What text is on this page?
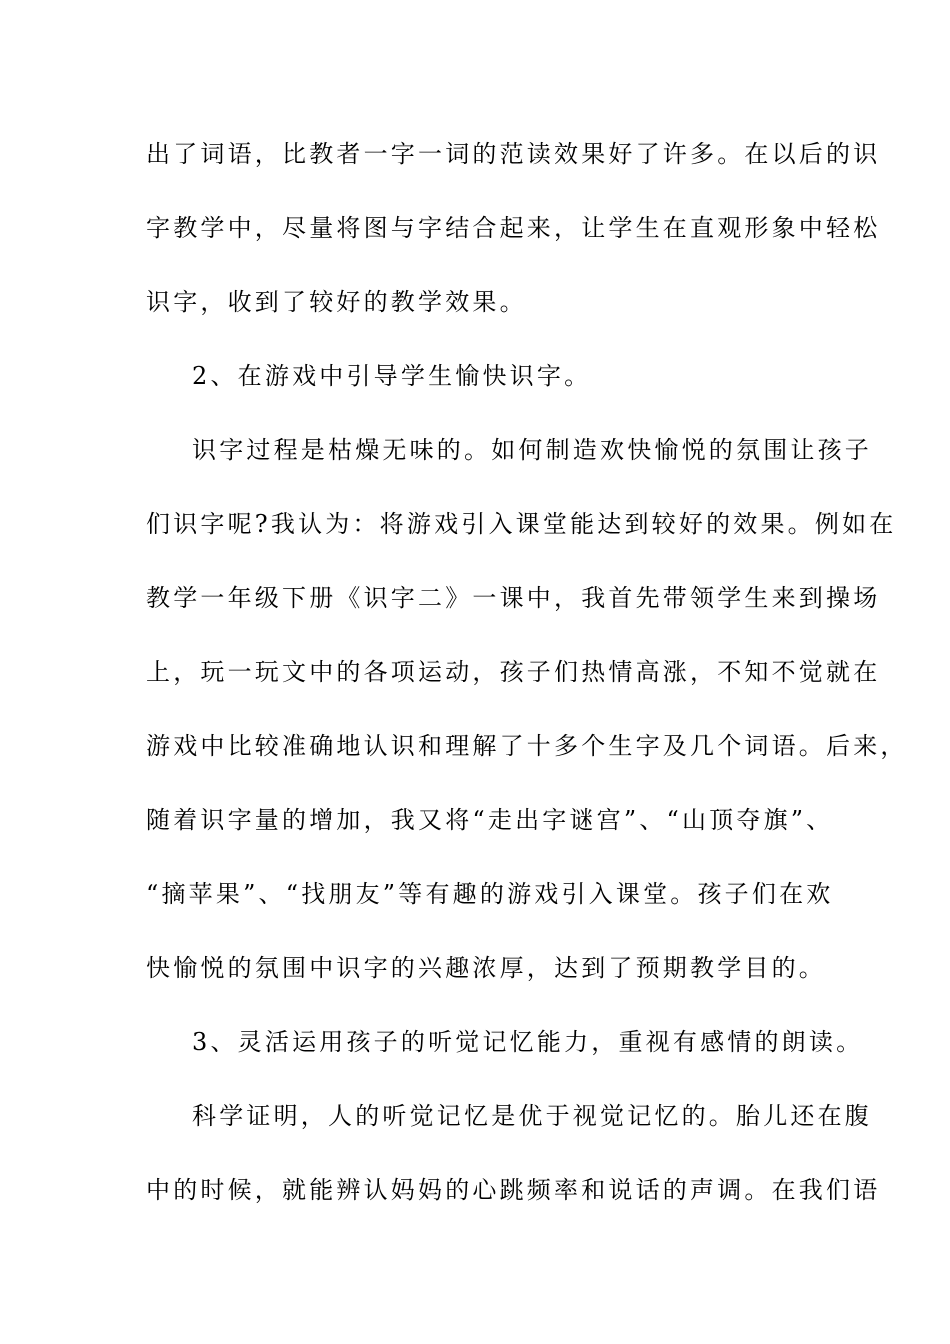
出了词语，比教者一字一词的范读效果好了许多。在以后的识
字教学中，尽量将图与字结合起来，让学生在直观形象中轻松
识字，收到了较好的教学效果。
2、在游戏中引导学生愉快识字。
识字过程是枯燥无味的。如何制造欢快愉悦的氛围让孩子
们识字呢?我认为：将游戏引入课堂能达到较好的效果。例如在
教学一年级下册《识字二》一课中，我首先带领学生来到操场
上，玩一玩文中的各项运动，孩子们热情高涨，不知不觉就在
游戏中比较准确地认识和理解了十多个生字及几个词语。后来，
随着识字量的增加，我又将“走出字谜宫”、“山顶夺旗”、
“摘苹果”、“找朋友”等有趣的游戏引入课堂。孩子们在欢
快愉悦的氛围中识字的兴趣浓厚，达到了预期教学目的。
3、灵活运用孩子的听觉记忆能力，重视有感情的朗读。
科学证明，人的听觉记忆是优于视觉记忆的。胎儿还在腹
中的时候，就能辨认妈妈的心跳频率和说话的声调。在我们语
